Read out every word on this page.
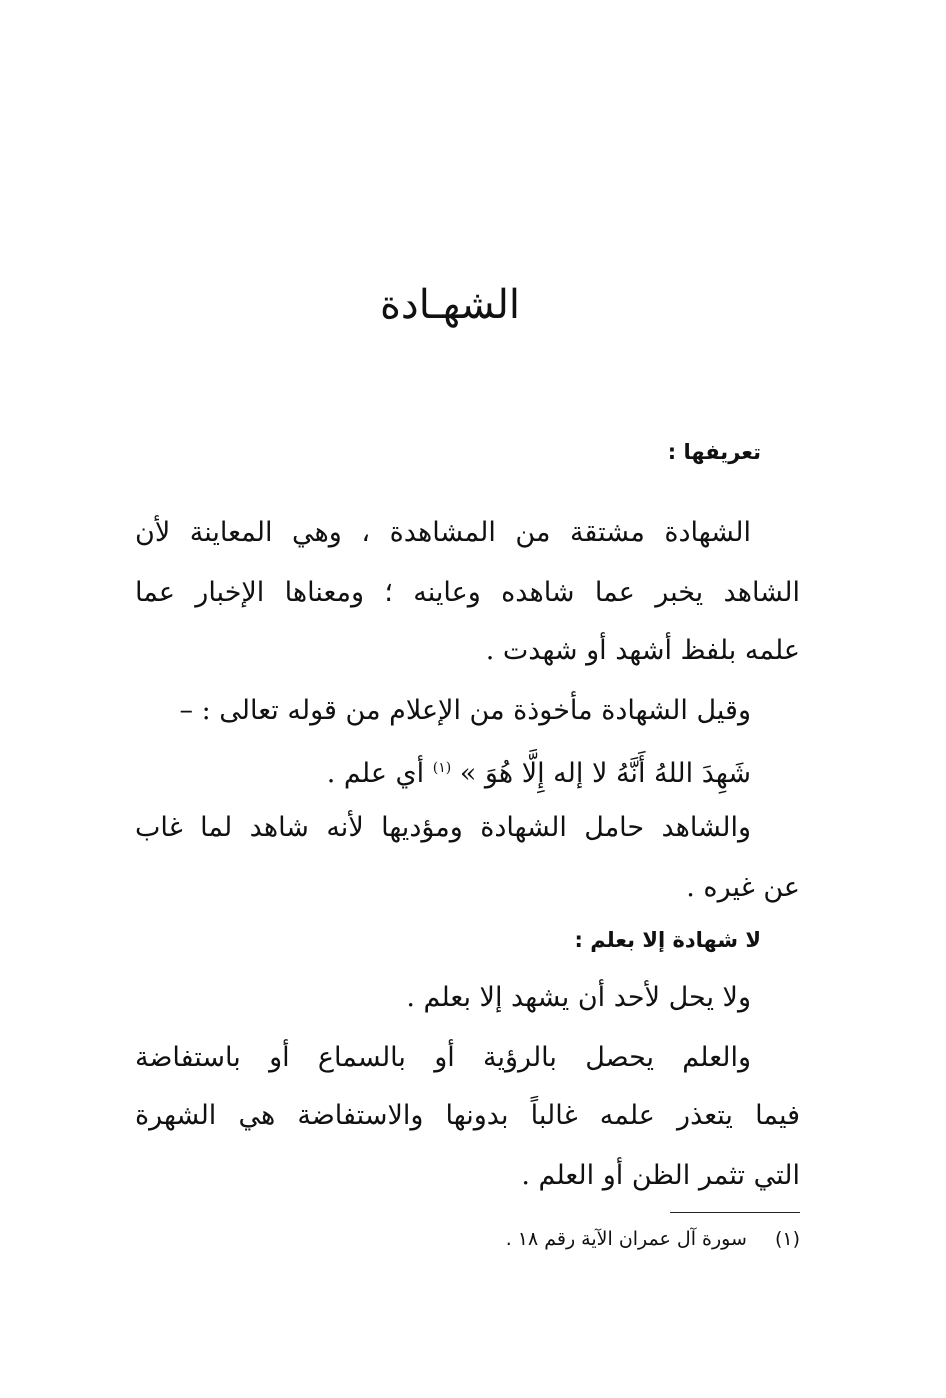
الشهـادة
تعريفها :
الشهادة مشتقة من المشاهدة ، وهي المعاينة لأن
الشاهد يخبر عما شاهده وعاينه ؛ ومعناها الإخبار عما
علمه بلفظ أشهد أو شهدت .
وقيل الشهادة مأخوذة من الإعلام من قوله تعالى : –
شَهِدَ اللهُ أَنَّهُ لا إله إِلَّا هُوَ » $^{(١)}$ أي علم .
والشاهد حامل الشهادة ومؤديها لأنه شاهد لما غاب
عن غيره .
لا شهادة إلا بعلم :
ولا يحل لأحد أن يشهد إلا بعلم .
والعلم يحصل بالرؤية أو بالسماع أو باستفاضة
فيما يتعذر علمه غالباً بدونها والاستفاضة هي الشهرة
التي تثمر الظن أو العلم .
(١) سورة آل عمران الآية رقم ١٨ .
